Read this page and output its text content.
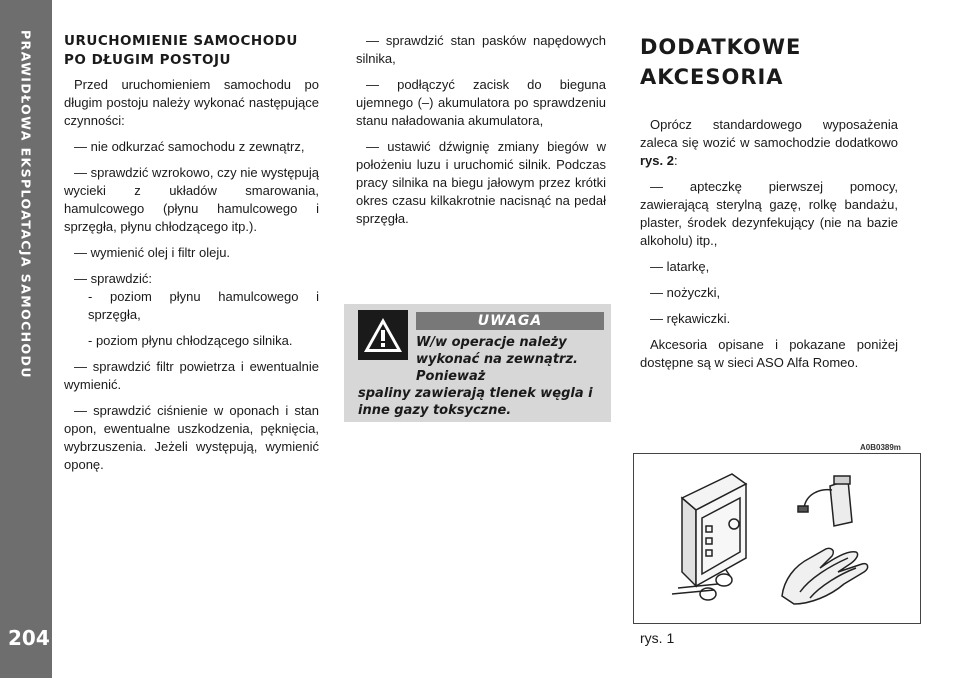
PRAWIDŁOWA EKSPLOATACJA SAMOCHODU
204
URUCHOMIENIE SAMOCHODU
PO DŁUGIM POSTOJU

Przed uruchomieniem samochodu po długim postoju należy wykonać następujące czynności:

— nie odkurzać samochodu z zewnątrz,

— sprawdzić wzrokowo, czy nie występują wycieki z układów smarowania, hamulcowego (płynu hamulcowego i sprzęgła, płynu chłodzącego itp.).

— wymienić olej i filtr oleju.

— sprawdzić:

- poziom płynu hamulcowego i sprzęgła,

- poziom płynu chłodzącego silnika.

— sprawdzić filtr powietrza i ewentualnie wymienić.

— sprawdzić ciśnienie w oponach i stan opon, ewentualne uszkodzenia, pęknięcia, wybrzuszenia. Jeżeli występują, wymienić oponę.

— sprawdzić stan pasków napędowych silnika,

— podłączyć zacisk do bieguna ujemnego (–) akumulatora po sprawdzeniu stanu naładowania akumulatora,

— ustawić dźwignię zmiany biegów w położeniu luzu i uruchomić silnik. Podczas pracy silnika na biegu jałowym przez krótki okres czasu kilkakrotnie nacisnąć na pedał sprzęgła.

UWAGA
W/w operacje należy wykonać na zewnątrz. Ponieważ
spaliny zawierają tlenek węgla i inne gazy toksyczne.
DODATKOWE
AKCESORIA

Oprócz standardowego wyposażenia zaleca się wozić w samochodzie dodatkowo rys. 2:

— apteczkę pierwszej pomocy, zawierającą sterylną gazę, rolkę bandażu, plaster, środek dezynfekujący (nie na bazie alkoholu) itp.,

— latarkę,

— nożyczki,

— rękawiczki.

Akcesoria opisane i pokazane poniżej dostępne są w sieci ASO Alfa Romeo.

A0B0389m
rys. 1
